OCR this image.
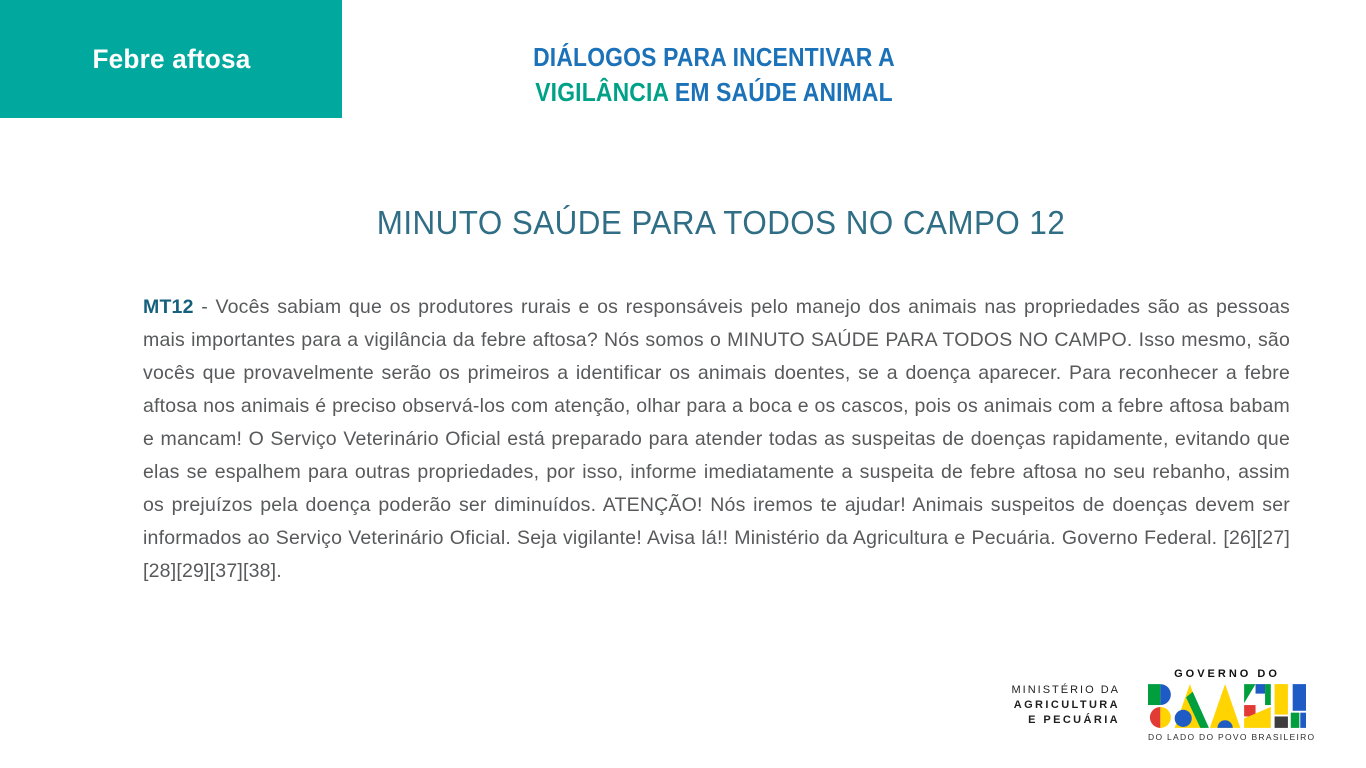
Febre aftosa	DIÁLOGOS PARA INCENTIVAR A
VIGILÂNCIA EM SAÚDE ANIMAL
MINUTO SAÚDE PARA TODOS NO CAMPO 12

MT12 - Vocês sabiam que os produtores rurais e os responsáveis pelo manejo dos animais nas propriedades são as pessoas mais importantes para a vigilância da febre aftosa? Nós somos o MINUTO SAÚDE PARA TODOS NO CAMPO. Isso mesmo, são vocês que provavelmente serão os primeiros a identificar os animais doentes, se a doença aparecer. Para reconhecer a febre aftosa nos animais é preciso observá-los com atenção, olhar para a boca e os cascos, pois os animais com a febre aftosa babam e mancam! O Serviço Veterinário Oficial está preparado para atender todas as suspeitas de doenças rapidamente, evitando que elas se espalhem para outras propriedades, por isso, informe imediatamente a suspeita de febre aftosa no seu rebanho, assim os prejuízos pela doença poderão ser diminuídos. ATENÇÃO! Nós iremos te ajudar! Animais suspeitos de doenças devem ser informados ao Serviço Veterinário Oficial. Seja vigilante! Avisa lá!! Ministério da Agricultura e Pecuária. Governo Federal. [26][27][28][29][37][38].

MINISTÉRIO DA
AGRICULTURA
E PECUÁRIA
GOVERNO DO
DO LADO DO POVO BRASILEIRO
